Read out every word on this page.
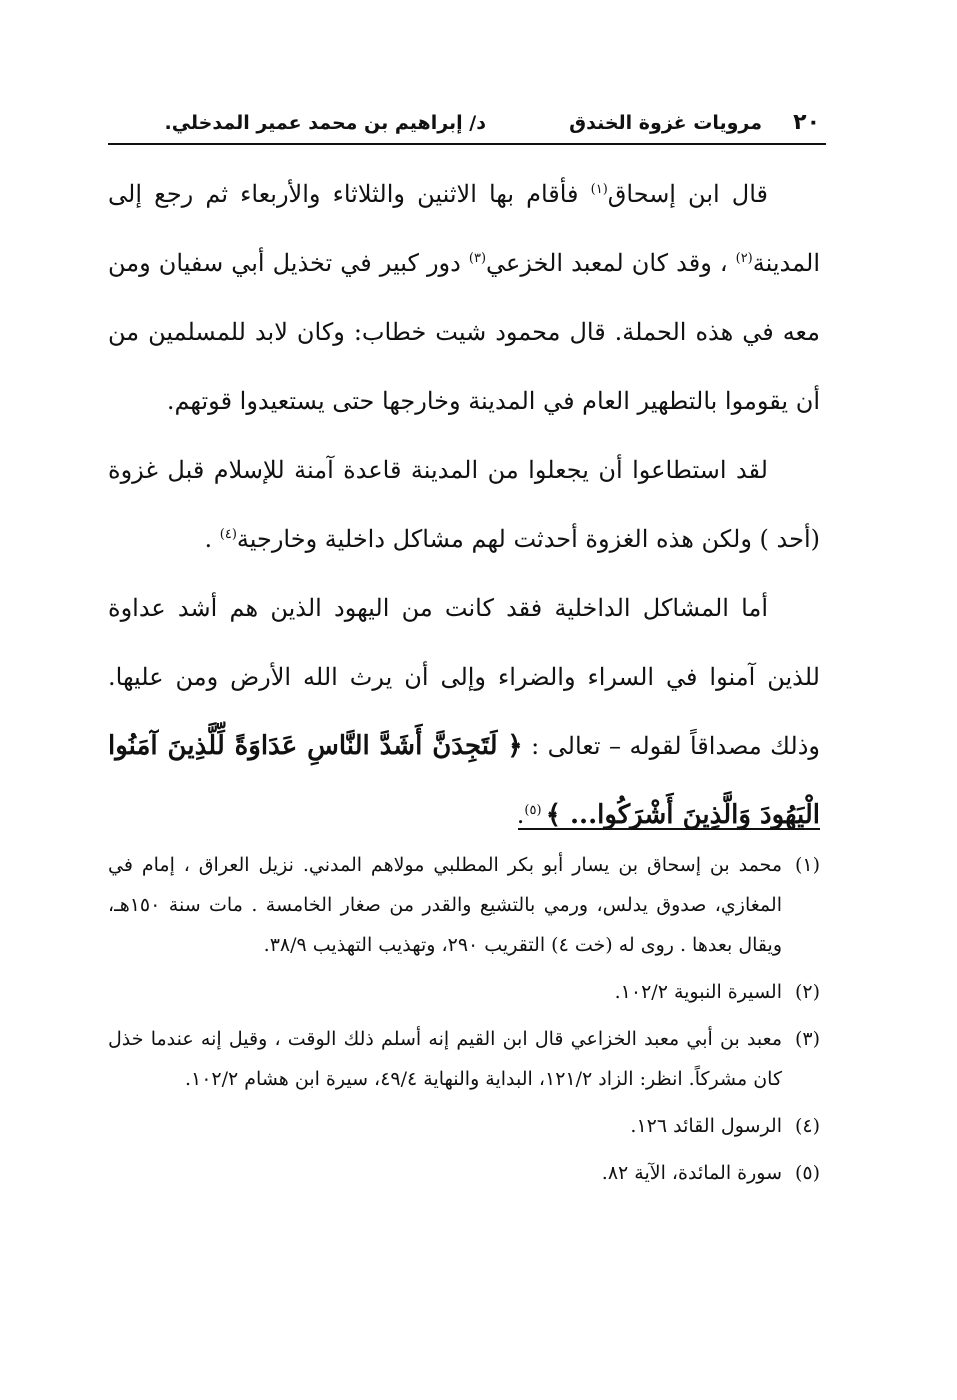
٢٠
مرويات غزوة الخندق
د/ إبراهيم بن محمد عمير المدخلي.

قال ابن إسحاق$^{(١)}$ فأقام بها الاثنين والثلاثاء والأربعاء ثم رجع إلى المدينة$^{(٢)}$ ، وقد كان لمعبد الخزعي$^{(٣)}$ دور كبير في تخذيل أبي سفيان ومن معه في هذه الحملة. قال محمود شيت خطاب: وكان لابد للمسلمين من أن يقوموا بالتطهير العام في المدينة وخارجها حتى يستعيدوا قوتهم.

لقد استطاعوا أن يجعلوا من المدينة قاعدة آمنة للإسلام قبل غزوة (أحد ) ولكن هذه الغزوة أحدثت لهم مشاكل داخلية وخارجية$^{(٤)}$ .

أما المشاكل الداخلية فقد كانت من اليهود الذين هم أشد عداوة للذين آمنوا في السراء والضراء وإلى أن يرث الله الأرض ومن عليها. وذلك مصداقاً لقوله – تعالى : ﴿ لَتَجِدَنَّ أَشَدَّ النَّاسِ عَدَاوَةً لِّلَّذِينَ آمَنُوا الْيَهُودَ وَالَّذِينَ أَشْرَكُوا... ﴾ $^{(٥)}$.

(١)
محمد بن إسحاق بن يسار أبو بكر المطلبي مولاهم المدني. نزيل العراق ، إمام في المغازي، صدوق يدلس، ورمي بالتشيع والقدر من صغار الخامسة . مات سنة ١٥٠هـ، ويقال بعدها . روى له (خت ٤) التقريب ٢٩٠، وتهذيب التهذيب ٣٨/٩.
(٢)
السيرة النبوية ١٠٢/٢.
(٣)
معبد بن أبي معبد الخزاعي قال ابن القيم إنه أسلم ذلك الوقت ، وقيل إنه عندما خذل كان مشركاً. انظر: الزاد ١٢١/٢، البداية والنهاية ٤٩/٤، سيرة ابن هشام ١٠٢/٢.
(٤)
الرسول القائد ١٢٦.
(٥)
سورة المائدة، الآية ٨٢.
